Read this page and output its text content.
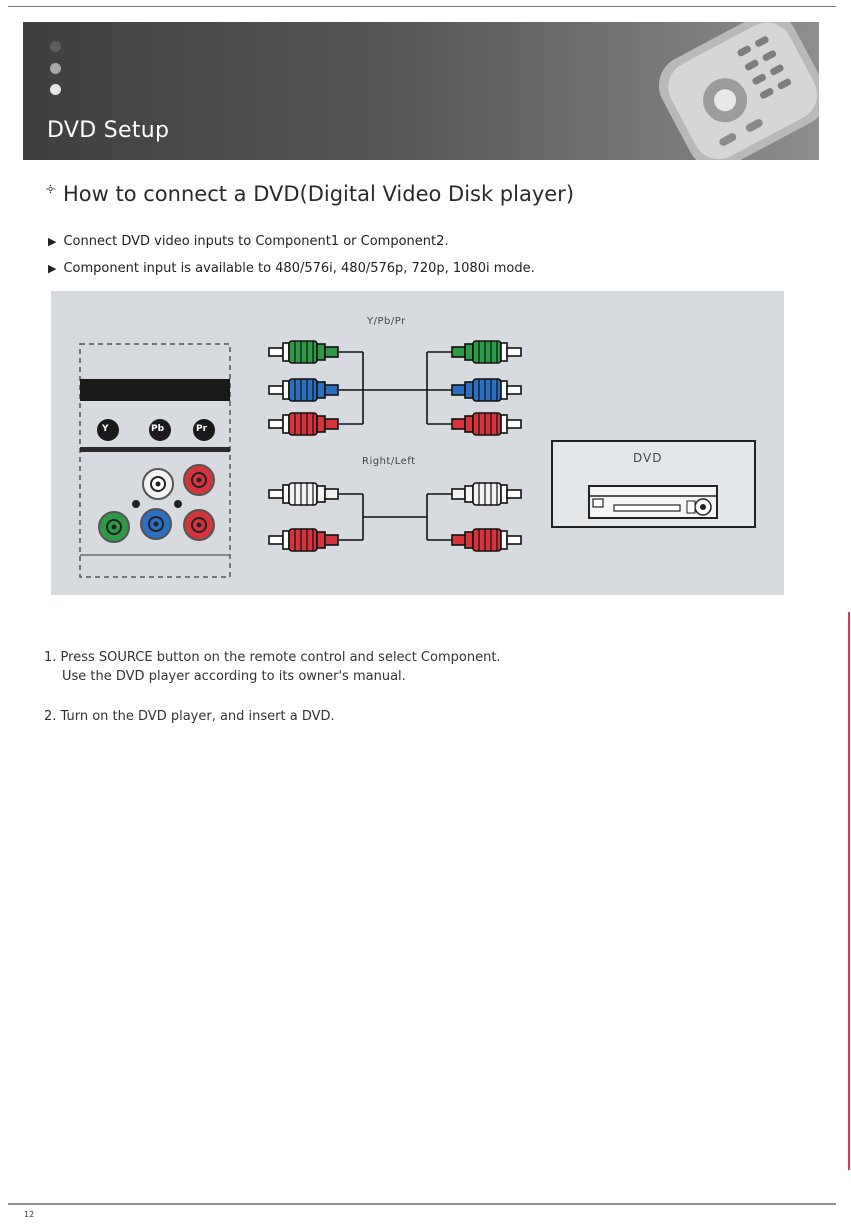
DVD Setup
༓ How to connect a DVD(Digital Video Disk player)
▶ Connect DVD video inputs to Component1 or Component2.
▶ Component input is available to 480/576i, 480/576p, 720p, 1080i mode.
Y/Pb/Pr
Right/Left
Y	Pb	Pr
DVD
1. Press SOURCE button on the remote control and select Component.
Use the DVD player according to its owner's manual.
2. Turn on the DVD player, and insert a DVD.
12
